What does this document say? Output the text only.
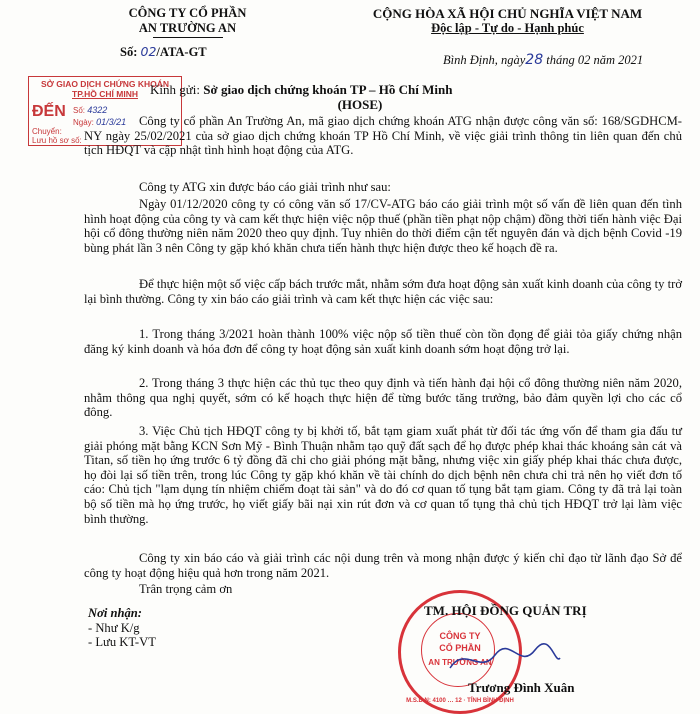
CÔNG TY CỔ PHẦN
AN TRƯỜNG AN
Số: 02/ATA-GT
CỘNG HÒA XÃ HỘI CHỦ NGHĨA VIỆT NAM
Độc lập - Tự do - Hạnh phúc
Bình Định, ngày28 tháng 02 năm 2021
SỞ GIAO DỊCH CHỨNG KHOÁN
TP.HỒ CHÍ MINH
ĐẾN Số: 4322
Ngày: 01/3/21
Chuyển:
Lưu hồ sơ số:
Kính gửi: Sở giao dịch chứng khoán TP – Hồ Chí Minh
(HOSE)
Công ty cổ phần An Trường An, mã giao dịch chứng khoán ATG nhận được công văn số: 168/SGDHCM-NY ngày 25/02/2021 của sở giao dịch chứng khoán TP Hồ Chí Minh, về việc giải trình thông tin liên quan đến chủ tịch HĐQT và cập nhật tình hình hoạt động của ATG.
Công ty ATG xin được báo cáo giải trình như sau:
Ngày 01/12/2020 công ty có công văn số 17/CV-ATG báo cáo giải trình một số vấn đề liên quan đến tình hình hoạt động của công ty và cam kết thực hiện việc nộp thuế (phần tiền phạt nộp chậm) đồng thời tiến hành việc Đại hội cổ đông thường niên năm 2020 theo quy định. Tuy nhiên do thời điểm cận tết nguyên đán và dịch bệnh Covid -19 bùng phát lần 3 nên Công ty gặp khó khăn chưa tiến hành thực hiện được theo kế hoạch đề ra.
Để thực hiện một số việc cấp bách trước mắt, nhằm sớm đưa hoạt động sản xuất kinh doanh của công ty trở lại bình thường. Công ty xin báo cáo giải trình và cam kết thực hiện các việc sau:
1. Trong tháng 3/2021 hoàn thành 100% việc nộp số tiền thuế còn tồn đọng để giải tỏa giấy chứng nhận đăng ký kinh doanh và hóa đơn để công ty hoạt động sản xuất kinh doanh sớm hoạt động trở lại.
2. Trong tháng 3 thực hiện các thủ tục theo quy định và tiến hành đại hội cổ đông thường niên năm 2020, nhằm thông qua nghị quyết, sớm có kế hoạch thực hiện để từng bước tăng trưởng, bảo đảm quyền lợi cho các cổ đông.
3. Việc Chủ tịch HĐQT công ty bị khởi tố, bắt tạm giam xuất phát từ đối tác ứng vốn để tham gia đấu tư giải phóng mặt bằng KCN Sơn Mỹ - Bình Thuận nhằm tạo quỹ đất sạch để họ được phép khai thác khoáng sản cát và Titan, số tiền họ ứng trước 6 tỷ đồng đã chi cho giải phóng mặt bằng, nhưng việc xin giấy phép khai thác chưa được, họ đòi lại số tiền trên, trong lúc Công ty gặp khó khăn về tài chính do dịch bệnh nên chưa chi trả nên họ viết đơn tố cáo: Chủ tịch "lạm dụng tín nhiệm chiếm đoạt tài sản" và do đó cơ quan tố tụng bắt tạm giam. Công ty đã trả lại toàn bộ số tiền mà họ ứng trước, họ viết giấy bãi nại xin rút đơn và cơ quan tố tụng thả chủ tịch HĐQT trở lại làm việc bình thường.
Công ty xin báo cáo và giải trình các nội dung trên và mong nhận được ý kiến chỉ đạo từ lãnh đạo Sở để công ty hoạt động hiệu quả hơn trong năm 2021.
Trân trọng cảm ơn
Nơi nhận:
- Như K/g
- Lưu KT-VT	CÔNG TY
CỔ PHẦN
AN TRƯỜNG AN
M.S.D.N: 4100 … 12 · TỈNH BÌNH ĐỊNH
TM. HỘI ĐỒNG QUẢN TRỊ
Trương Đình Xuân
